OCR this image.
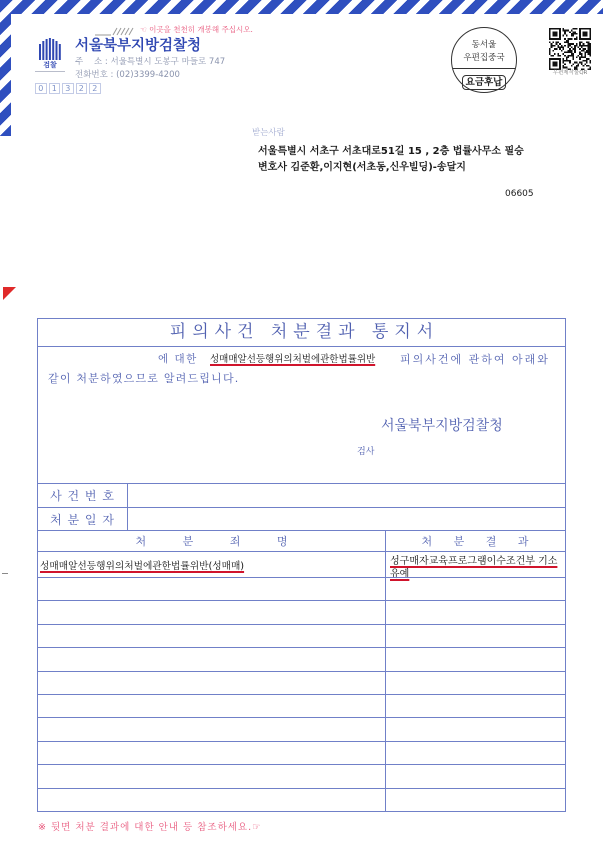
☜ 이곳을 천천히 개봉해 주십시오.
검찰
서울북부지방검찰청
주    소 : 서울특별시 도봉구 마들로 747
전화번호 : (02)3399-4200
0	1	3	2	2
동서울
우편집중국
요금후납
우편제작물QR
받는사람
서울특별시 서초구 서초대로51길 15 , 2층 법률사무소 필승
변호사 김준환,이지현(서초동,신우빌딩)-송달지
06605
피의사건 처분결과 통지서
에 대한 성매매알선등행위의처벌에관한법률위반 피의사건에 관하여 아래와
같이 처분하였으므로 알려드립니다.
서울북부지방검찰청
검사
사 건 번 호
처 분 일 자
처 분 죄 명	처 분 결 과
성매매알선등행위의처벌에관한법률위반(성매매)	성구매자교육프로그램이수조건부 기소유예
※ 뒷면 처분 결과에 대한 안내 등 참조하세요.☞
